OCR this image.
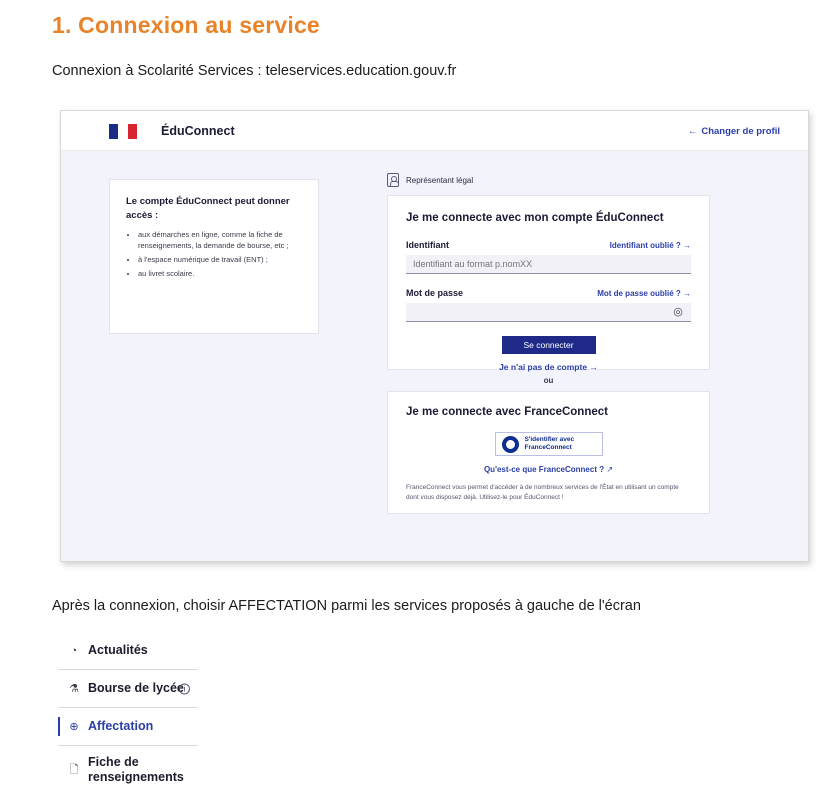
1. Connexion au service
Connexion à Scolarité Services : teleservices.education.gouv.fr
ÉduConnect	← Changer de profil
Le compte ÉduConnect peut donner accès :
• aux démarches en ligne, comme la fiche de renseignements, la demande de bourse, etc ;
• à l'espace numérique de travail (ENT) ;
• au livret scolaire.
Représentant légal
Je me connecte avec mon compte ÉduConnect
Identifiant	Identifiant oublié ? →
Identifiant au format p.nomXX
Mot de passe	Mot de passe oublié ? →
◎
Se connecter
Je n'ai pas de compte →
ou
Je me connecte avec FranceConnect
S'identifier avec
FranceConnect
Qu'est-ce que FranceConnect ? ↗

FranceConnect vous permet d'accéder à de nombreux services de l'État en utilisant un compte dont vous disposez déjà. Utilisez-le pour ÉduConnect !

Après la connexion, choisir AFFECTATION parmi les services proposés à gauche de l'écran
◔ Actualités
⚗ Bourse de lycée i
⊕ Affectation
🗋
Fiche de renseignements
